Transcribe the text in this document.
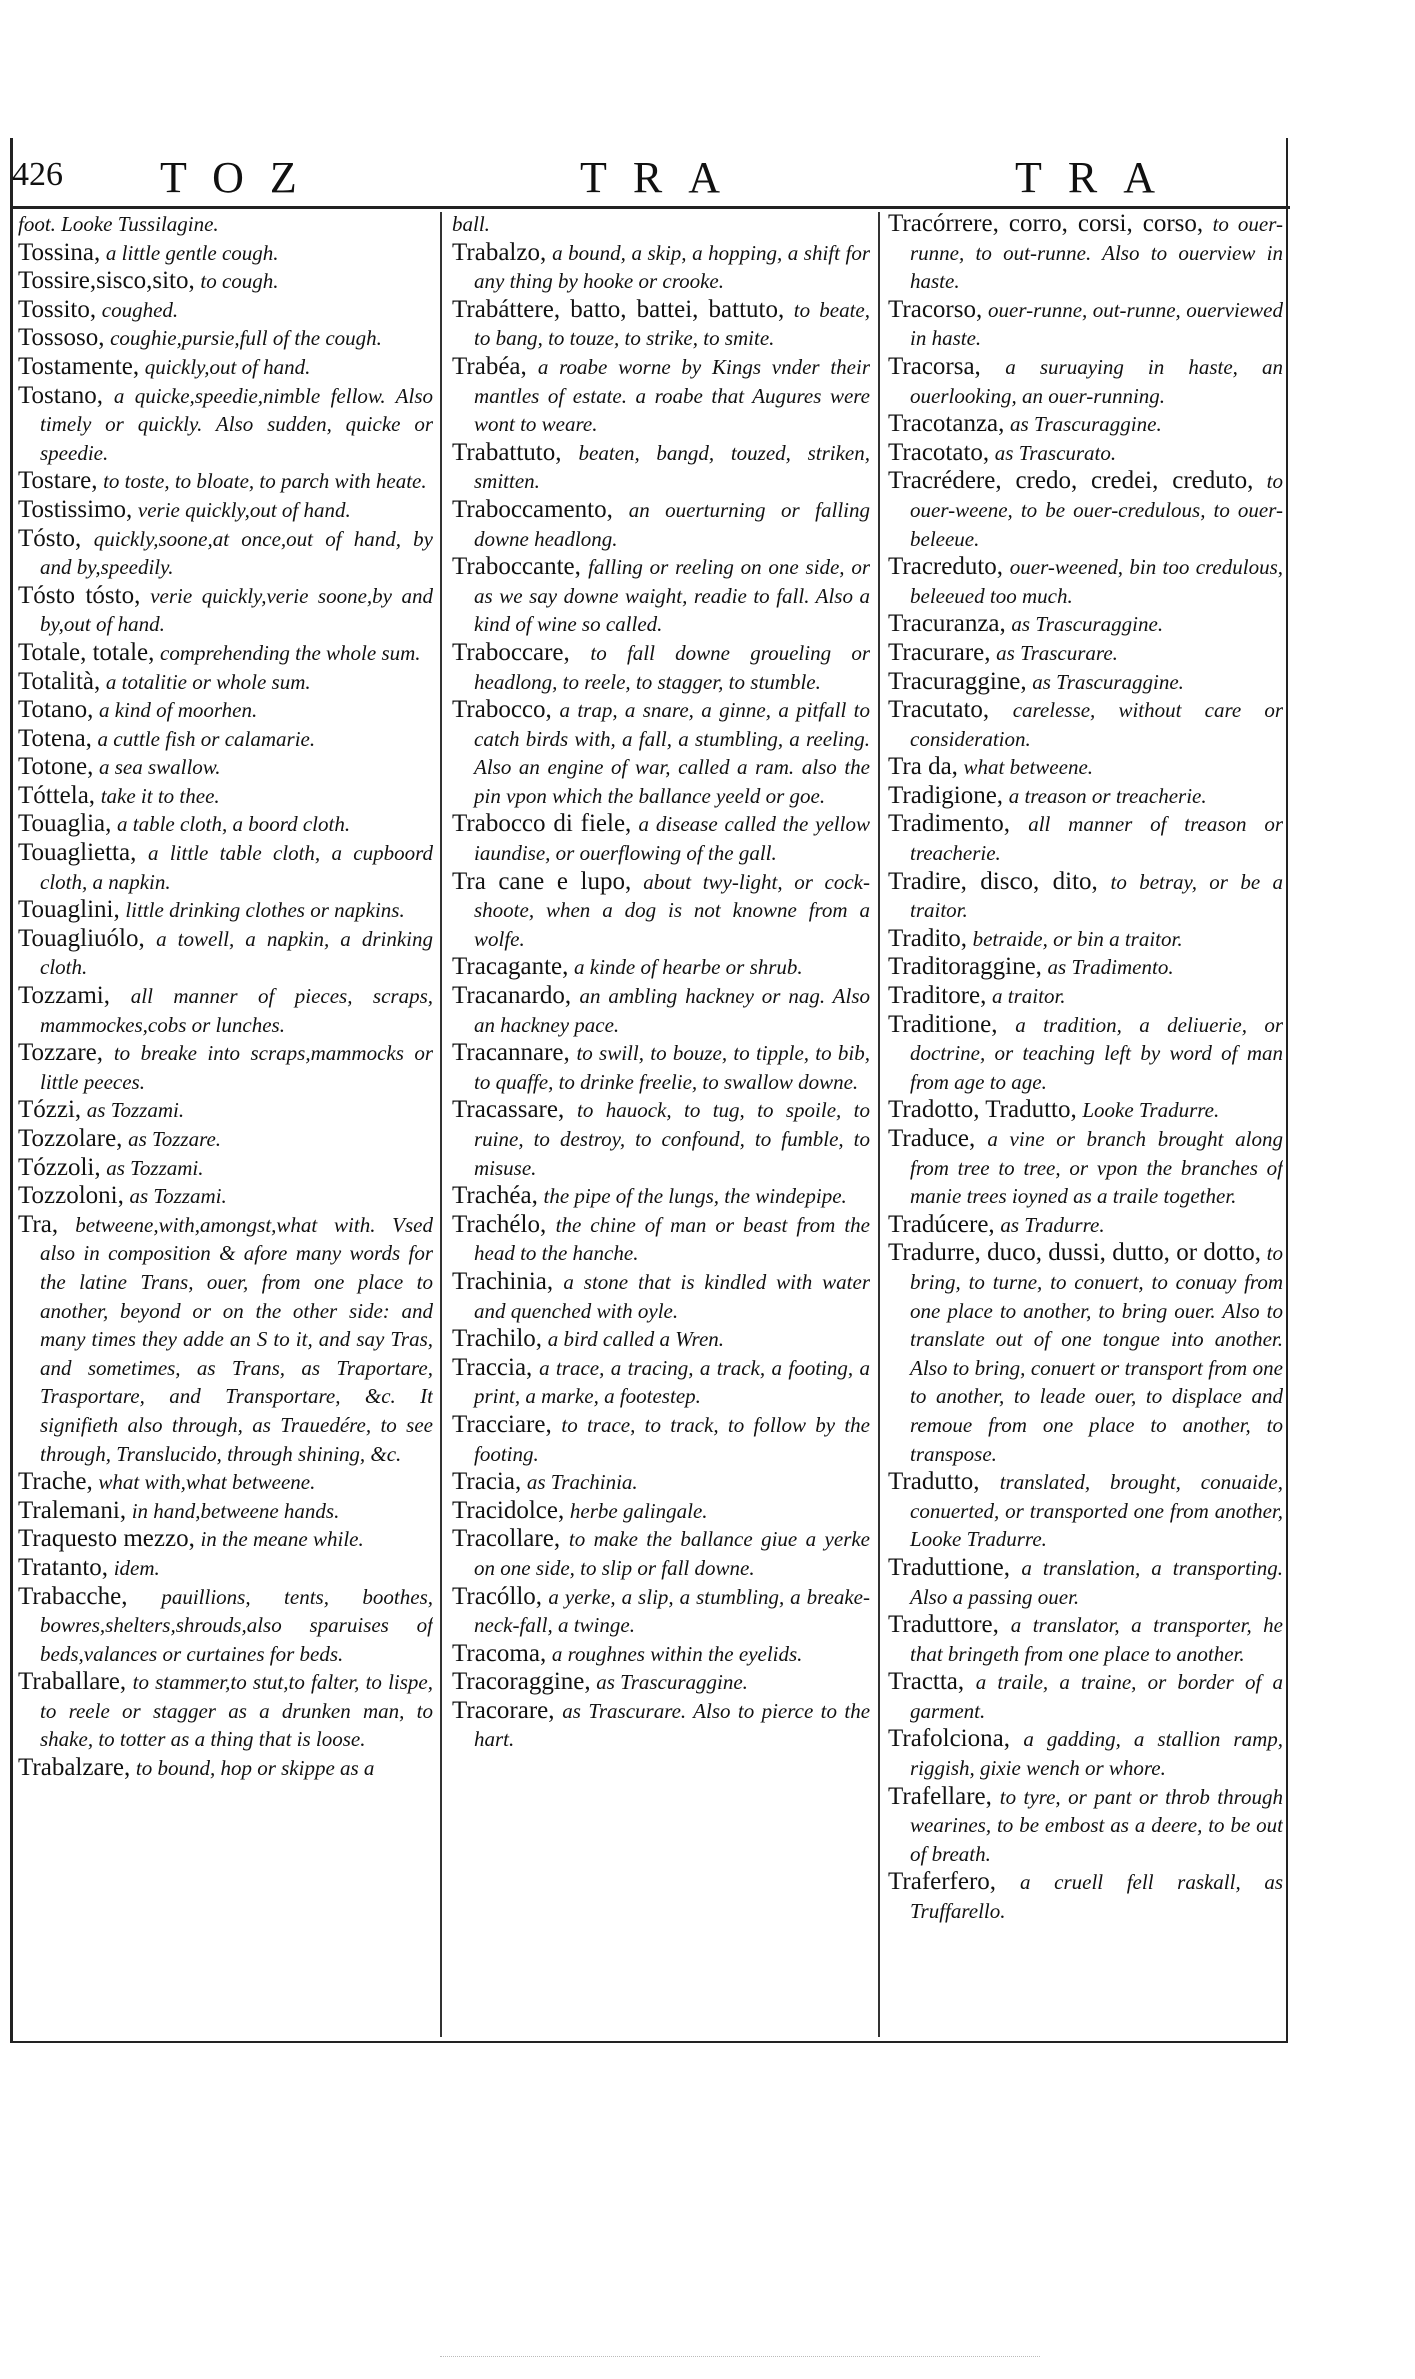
426 TOZ	TRA	TRA

foot. Looke Tussilagine.

Tossina, a little gentle cough.

Tossire,sisco,sito, to cough.

Tossito, coughed.

Tossoso, coughie,pursie,full of the cough.

Tostamente, quickly,out of hand.

Tostano, a quicke,speedie,nimble fellow. Also timely or quickly. Also sudden, quicke or speedie.

Tostare, to toste, to bloate, to parch with heate.

Tostissimo, verie quickly,out of hand.

Tósto, quickly,soone,at once,out of hand, by and by,speedily.

Tósto tósto, verie quickly,verie soone,by and by,out of hand.

Totale, totale, comprehending the whole sum.

Totalità, a totalitie or whole sum.

Totano, a kind of moorhen.

Totena, a cuttle fish or calamarie.

Totone, a sea swallow.

Tóttela, take it to thee.

Touaglia, a table cloth, a boord cloth.

Touaglietta, a little table cloth, a cupboord cloth, a napkin.

Touaglini, little drinking clothes or napkins.

Touagliuólo, a towell, a napkin, a drinking cloth.

Tozzami, all manner of pieces, scraps, mammockes,cobs or lunches.

Tozzare, to breake into scraps,mammocks or little peeces.

Tózzi, as Tozzami.

Tozzolare, as Tozzare.

Tózzoli, as Tozzami.

Tozzoloni, as Tozzami.

Tra, betweene,with,amongst,what with. Vsed also in composition & afore many words for the latine Trans, ouer, from one place to another, beyond or on the other side: and many times they adde an S to it, and say Tras, and sometimes, as Trans, as Traportare, Trasportare, and Transportare, &c. It signifieth also through, as Trauedére, to see through, Translucido, through shining, &c.

Trache, what with,what betweene.

Tralemani, in hand,betweene hands.

Traquesto mezzo, in the meane while.

Tratanto, idem.

Trabacche, pauillions, tents, boothes, bowres,shelters,shrouds,also sparuises of beds,valances or curtaines for beds.

Traballare, to stammer,to stut,to falter, to lispe, to reele or stagger as a drunken man, to shake, to totter as a thing that is loose.

Trabalzare, to bound, hop or skippe as a

ball.

Trabalzo, a bound, a skip, a hopping, a shift for any thing by hooke or crooke.

Trabáttere, batto, battei, battuto, to beate, to bang, to touze, to strike, to smite.

Trabéa, a roabe worne by Kings vnder their mantles of estate. a roabe that Augures were wont to weare.

Trabattuto, beaten, bangd, touzed, striken, smitten.

Traboccamento, an ouerturning or falling downe headlong.

Traboccante, falling or reeling on one side, or as we say downe waight, readie to fall. Also a kind of wine so called.

Traboccare, to fall downe groueling or headlong, to reele, to stagger, to stumble.

Trabocco, a trap, a snare, a ginne, a pitfall to catch birds with, a fall, a stumbling, a reeling. Also an engine of war, called a ram. also the pin vpon which the ballance yeeld or goe.

Trabocco di fiele, a disease called the yellow iaundise, or ouerflowing of the gall.

Tra cane e lupo, about twy-light, or cock-shoote, when a dog is not knowne from a wolfe.

Tracagante, a kinde of hearbe or shrub.

Tracanardo, an ambling hackney or nag. Also an hackney pace.

Tracannare, to swill, to bouze, to tipple, to bib, to quaffe, to drinke freelie, to swallow downe.

Tracassare, to hauock, to tug, to spoile, to ruine, to destroy, to confound, to fumble, to misuse.

Trachéa, the pipe of the lungs, the windepipe.

Trachélo, the chine of man or beast from the head to the hanche.

Trachinia, a stone that is kindled with water and quenched with oyle.

Trachilo, a bird called a Wren.

Traccia, a trace, a tracing, a track, a footing, a print, a marke, a footestep.

Tracciare, to trace, to track, to follow by the footing.

Tracia, as Trachinia.

Tracidolce, herbe galingale.

Tracollare, to make the ballance giue a yerke on one side, to slip or fall downe.

Tracóllo, a yerke, a slip, a stumbling, a breake-neck-fall, a twinge.

Tracoma, a roughnes within the eyelids.

Tracoraggine, as Trascuraggine.

Tracorare, as Trascurare. Also to pierce to the hart.

Tracórrere, corro, corsi, corso, to ouer-runne, to out-runne. Also to ouerview in haste.

Tracorso, ouer-runne, out-runne, ouerviewed in haste.

Tracorsa, a suruaying in haste, an ouerlooking, an ouer-running.

Tracotanza, as Trascuraggine.

Tracotato, as Trascurato.

Tracrédere, credo, credei, creduto, to ouer-weene, to be ouer-credulous, to ouer-beleeue.

Tracreduto, ouer-weened, bin too credulous, beleeued too much.

Tracuranza, as Trascuraggine.

Tracurare, as Trascurare.

Tracuraggine, as Trascuraggine.

Tracutato, carelesse, without care or consideration.

Tra da, what betweene.

Tradigione, a treason or treacherie.

Tradimento, all manner of treason or treacherie.

Tradire, disco, dito, to betray, or be a traitor.

Tradito, betraide, or bin a traitor.

Traditoraggine, as Tradimento.

Traditore, a traitor.

Traditione, a tradition, a deliuerie, or doctrine, or teaching left by word of man from age to age.

Tradotto, Tradutto, Looke Tradurre.

Traduce, a vine or branch brought along from tree to tree, or vpon the branches of manie trees ioyned as a traile together.

Tradúcere, as Tradurre.

Tradurre, duco, dussi, dutto, or dotto, to bring, to turne, to conuert, to conuay from one place to another, to bring ouer. Also to translate out of one tongue into another. Also to bring, conuert or transport from one to another, to leade ouer, to displace and remoue from one place to another, to transpose.

Tradutto, translated, brought, conuaide, conuerted, or transported one from another, Looke Tradurre.

Traduttione, a translation, a transporting. Also a passing ouer.

Traduttore, a translator, a transporter, he that bringeth from one place to another.

Tractta, a traile, a traine, or border of a garment.

Trafolciona, a gadding, a stallion ramp, riggish, gixie wench or whore.

Trafellare, to tyre, or pant or throb through wearines, to be embost as a deere, to be out of breath.

Traferfero, a cruell fell raskall, as Truffarello.
